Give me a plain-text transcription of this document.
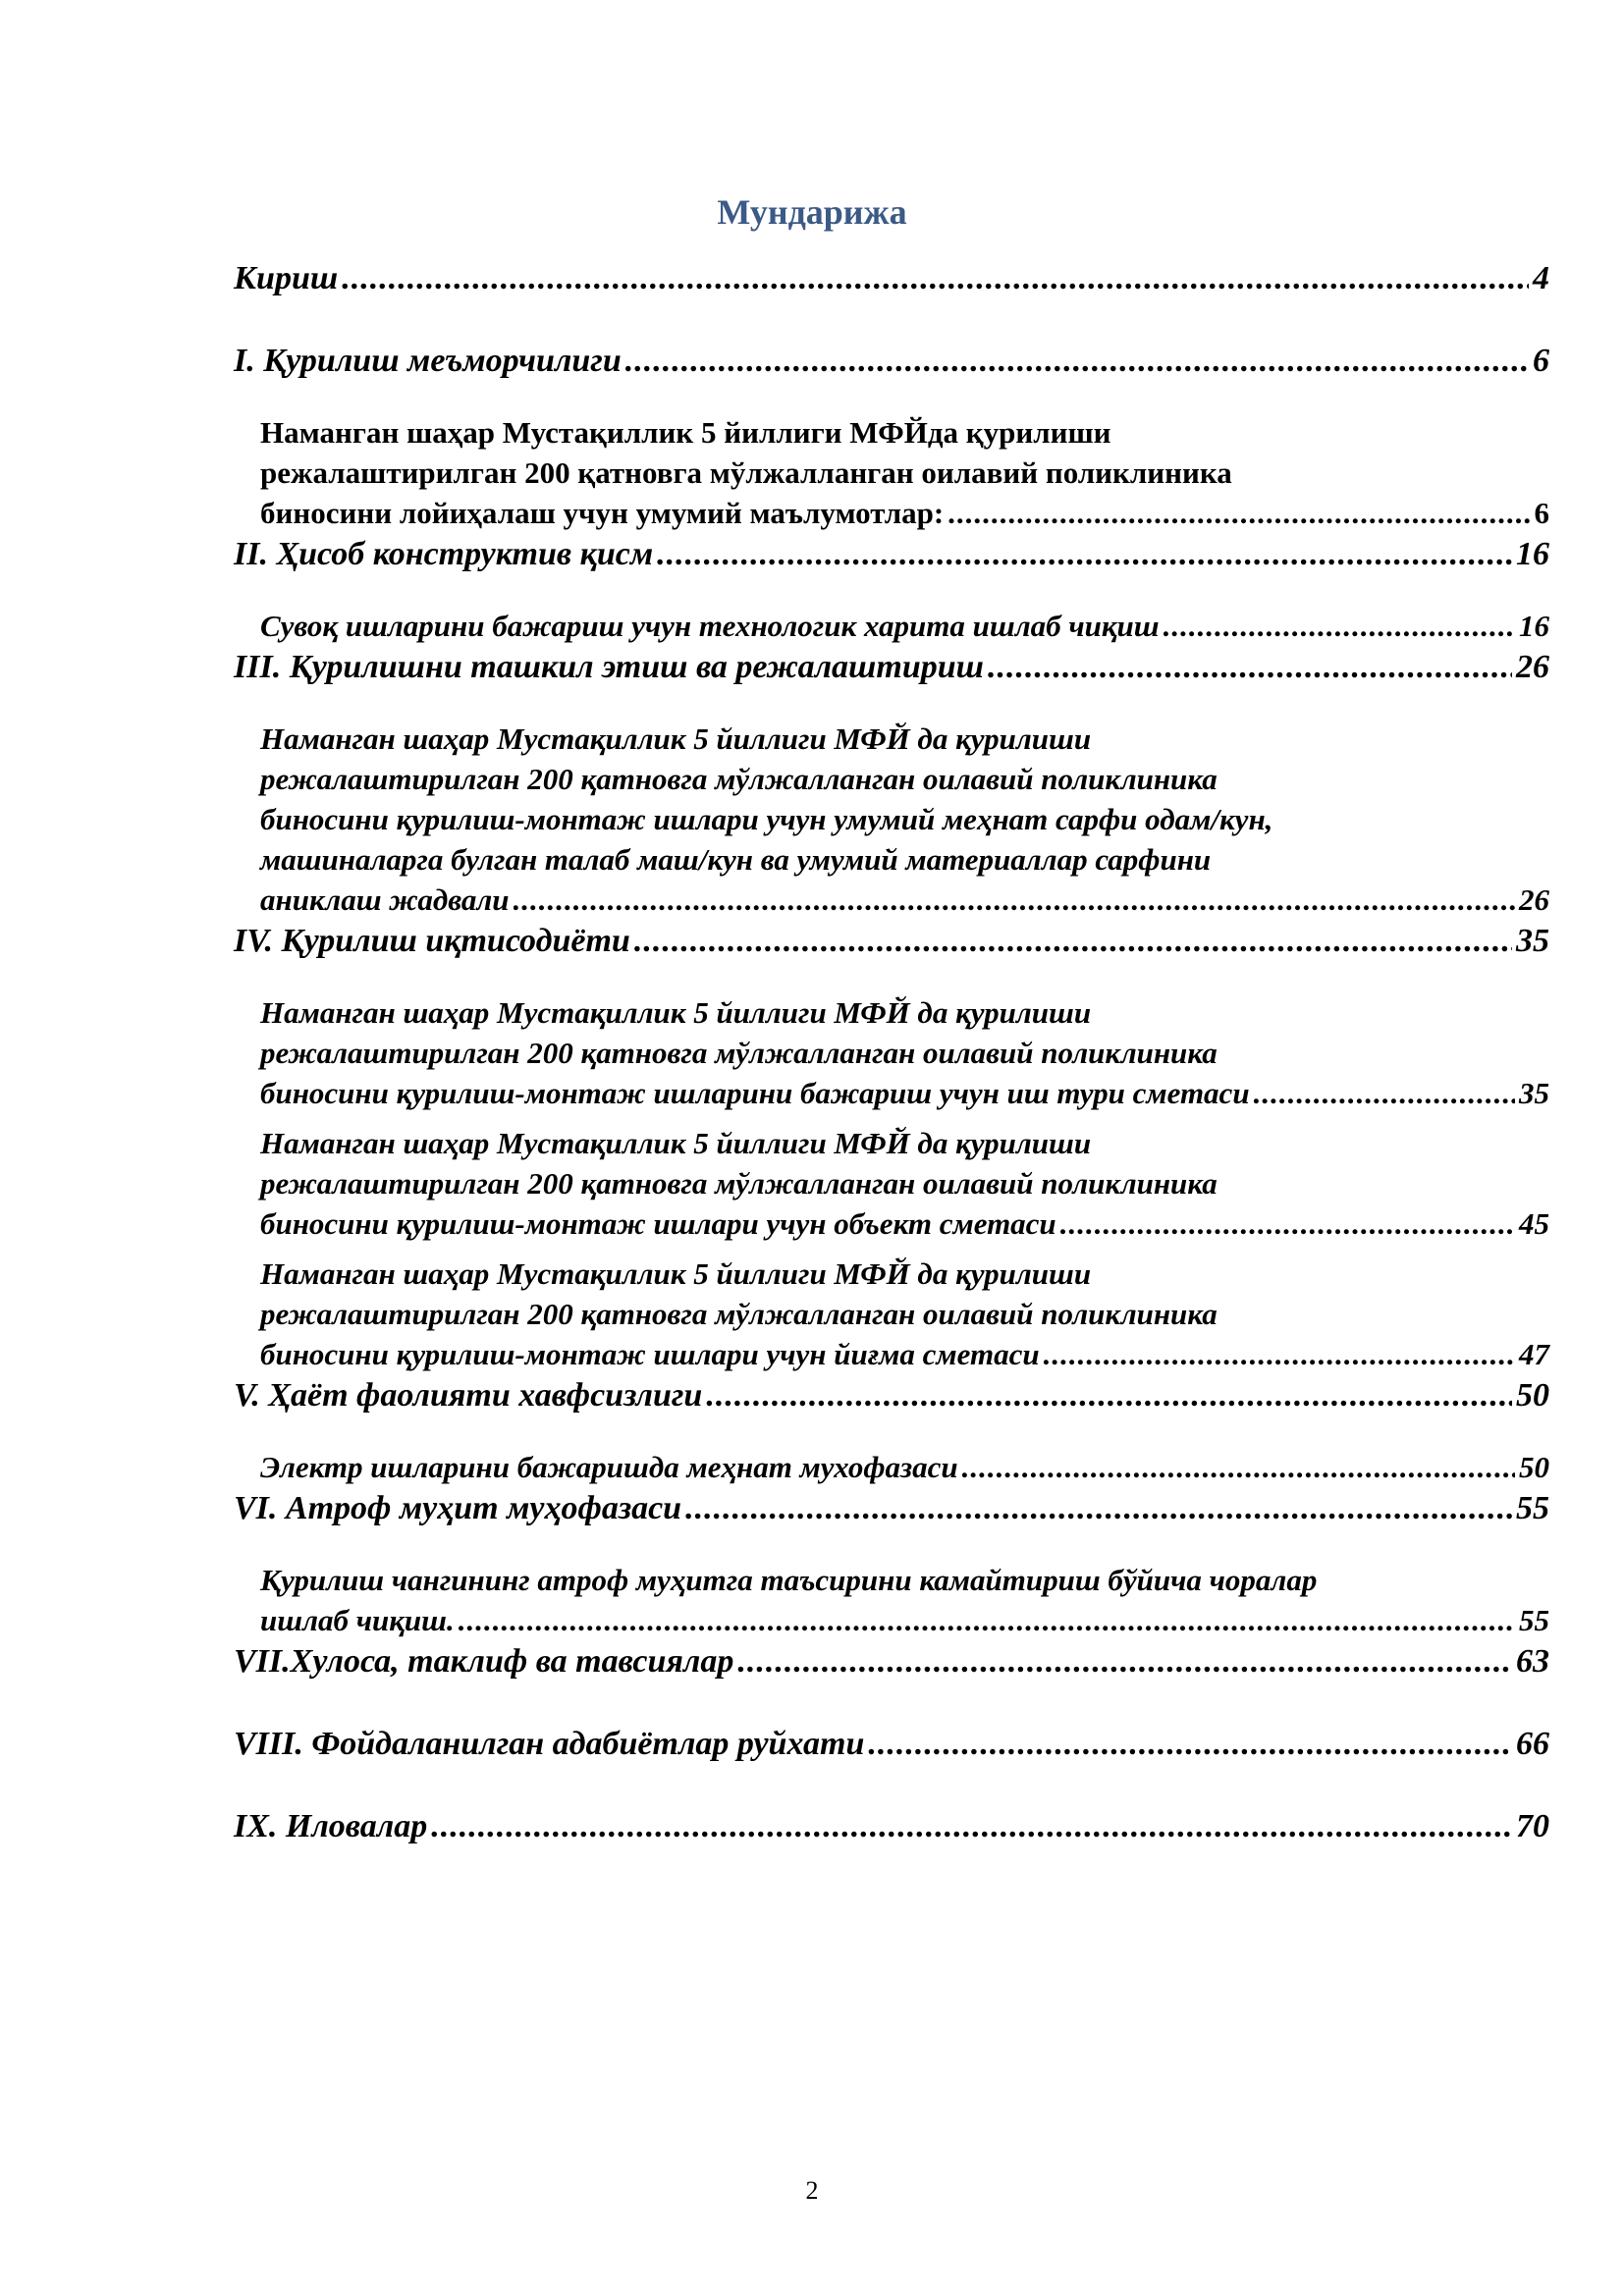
Мундарижа
Кириш .....	4
I. Қурилиш меъморчилиги .....	6
Наманган шаҳар Мустақиллик 5 йиллиги МФЙда қурилиши
режалаштирилган 200 қатновга мўлжалланган оилавий поликлиника
биносини лойиҳалаш учун умумий маълумотлар: .....	6
II. Ҳисоб конструктив қисм .....	16
Сувоқ ишларини бажариш учун технологик харита ишлаб чиқиш .....	16
III. Қурилишни ташкил этиш ва режалаштириш .....	26
Наманган шаҳар Мустақиллик 5 йиллиги МФЙ да қурилиши
режалаштирилган 200 қатновга мўлжалланган оилавий поликлиника
биносини қурилиш-монтаж ишлари учун умумий меҳнат сарфи одам/кун,
машиналарга булган талаб маш/кун ва умумий материаллар сарфини
аниклаш жадвали .....	26
IV. Қурилиш иқтисодиёти .....	35
Наманган шаҳар Мустақиллик 5 йиллиги МФЙ да қурилиши
режалаштирилган 200 қатновга мўлжалланган оилавий поликлиника
биносини қурилиш-монтаж ишларини бажариш учун иш тури сметаси .....	35
Наманган шаҳар Мустақиллик 5 йиллиги МФЙ да қурилиши
режалаштирилган 200 қатновга мўлжалланган оилавий поликлиника
биносини қурилиш-монтаж ишлари учун объект сметаси .....	45
Наманган шаҳар Мустақиллик 5 йиллиги МФЙ да қурилиши
режалаштирилган 200 қатновга мўлжалланган оилавий поликлиника
биносини қурилиш-монтаж ишлари учун йиғма сметаси .....	47
V. Ҳаёт фаолияти хавфсизлиги .....	50
Электр ишларини бажаришда меҳнат мухофазаси .....	50
VI. Атроф муҳит муҳофазаси .....	55
Қурилиш чангининг атроф муҳитга таъсирини камайтириш бўйича чоралар
ишлаб чиқиш. .....	55
VII.Хулоса, таклиф ва тавсиялар .....	63
VIII. Фойдаланилган адабиётлар руйхати .....	66
IX. Иловалар .....	70
2
